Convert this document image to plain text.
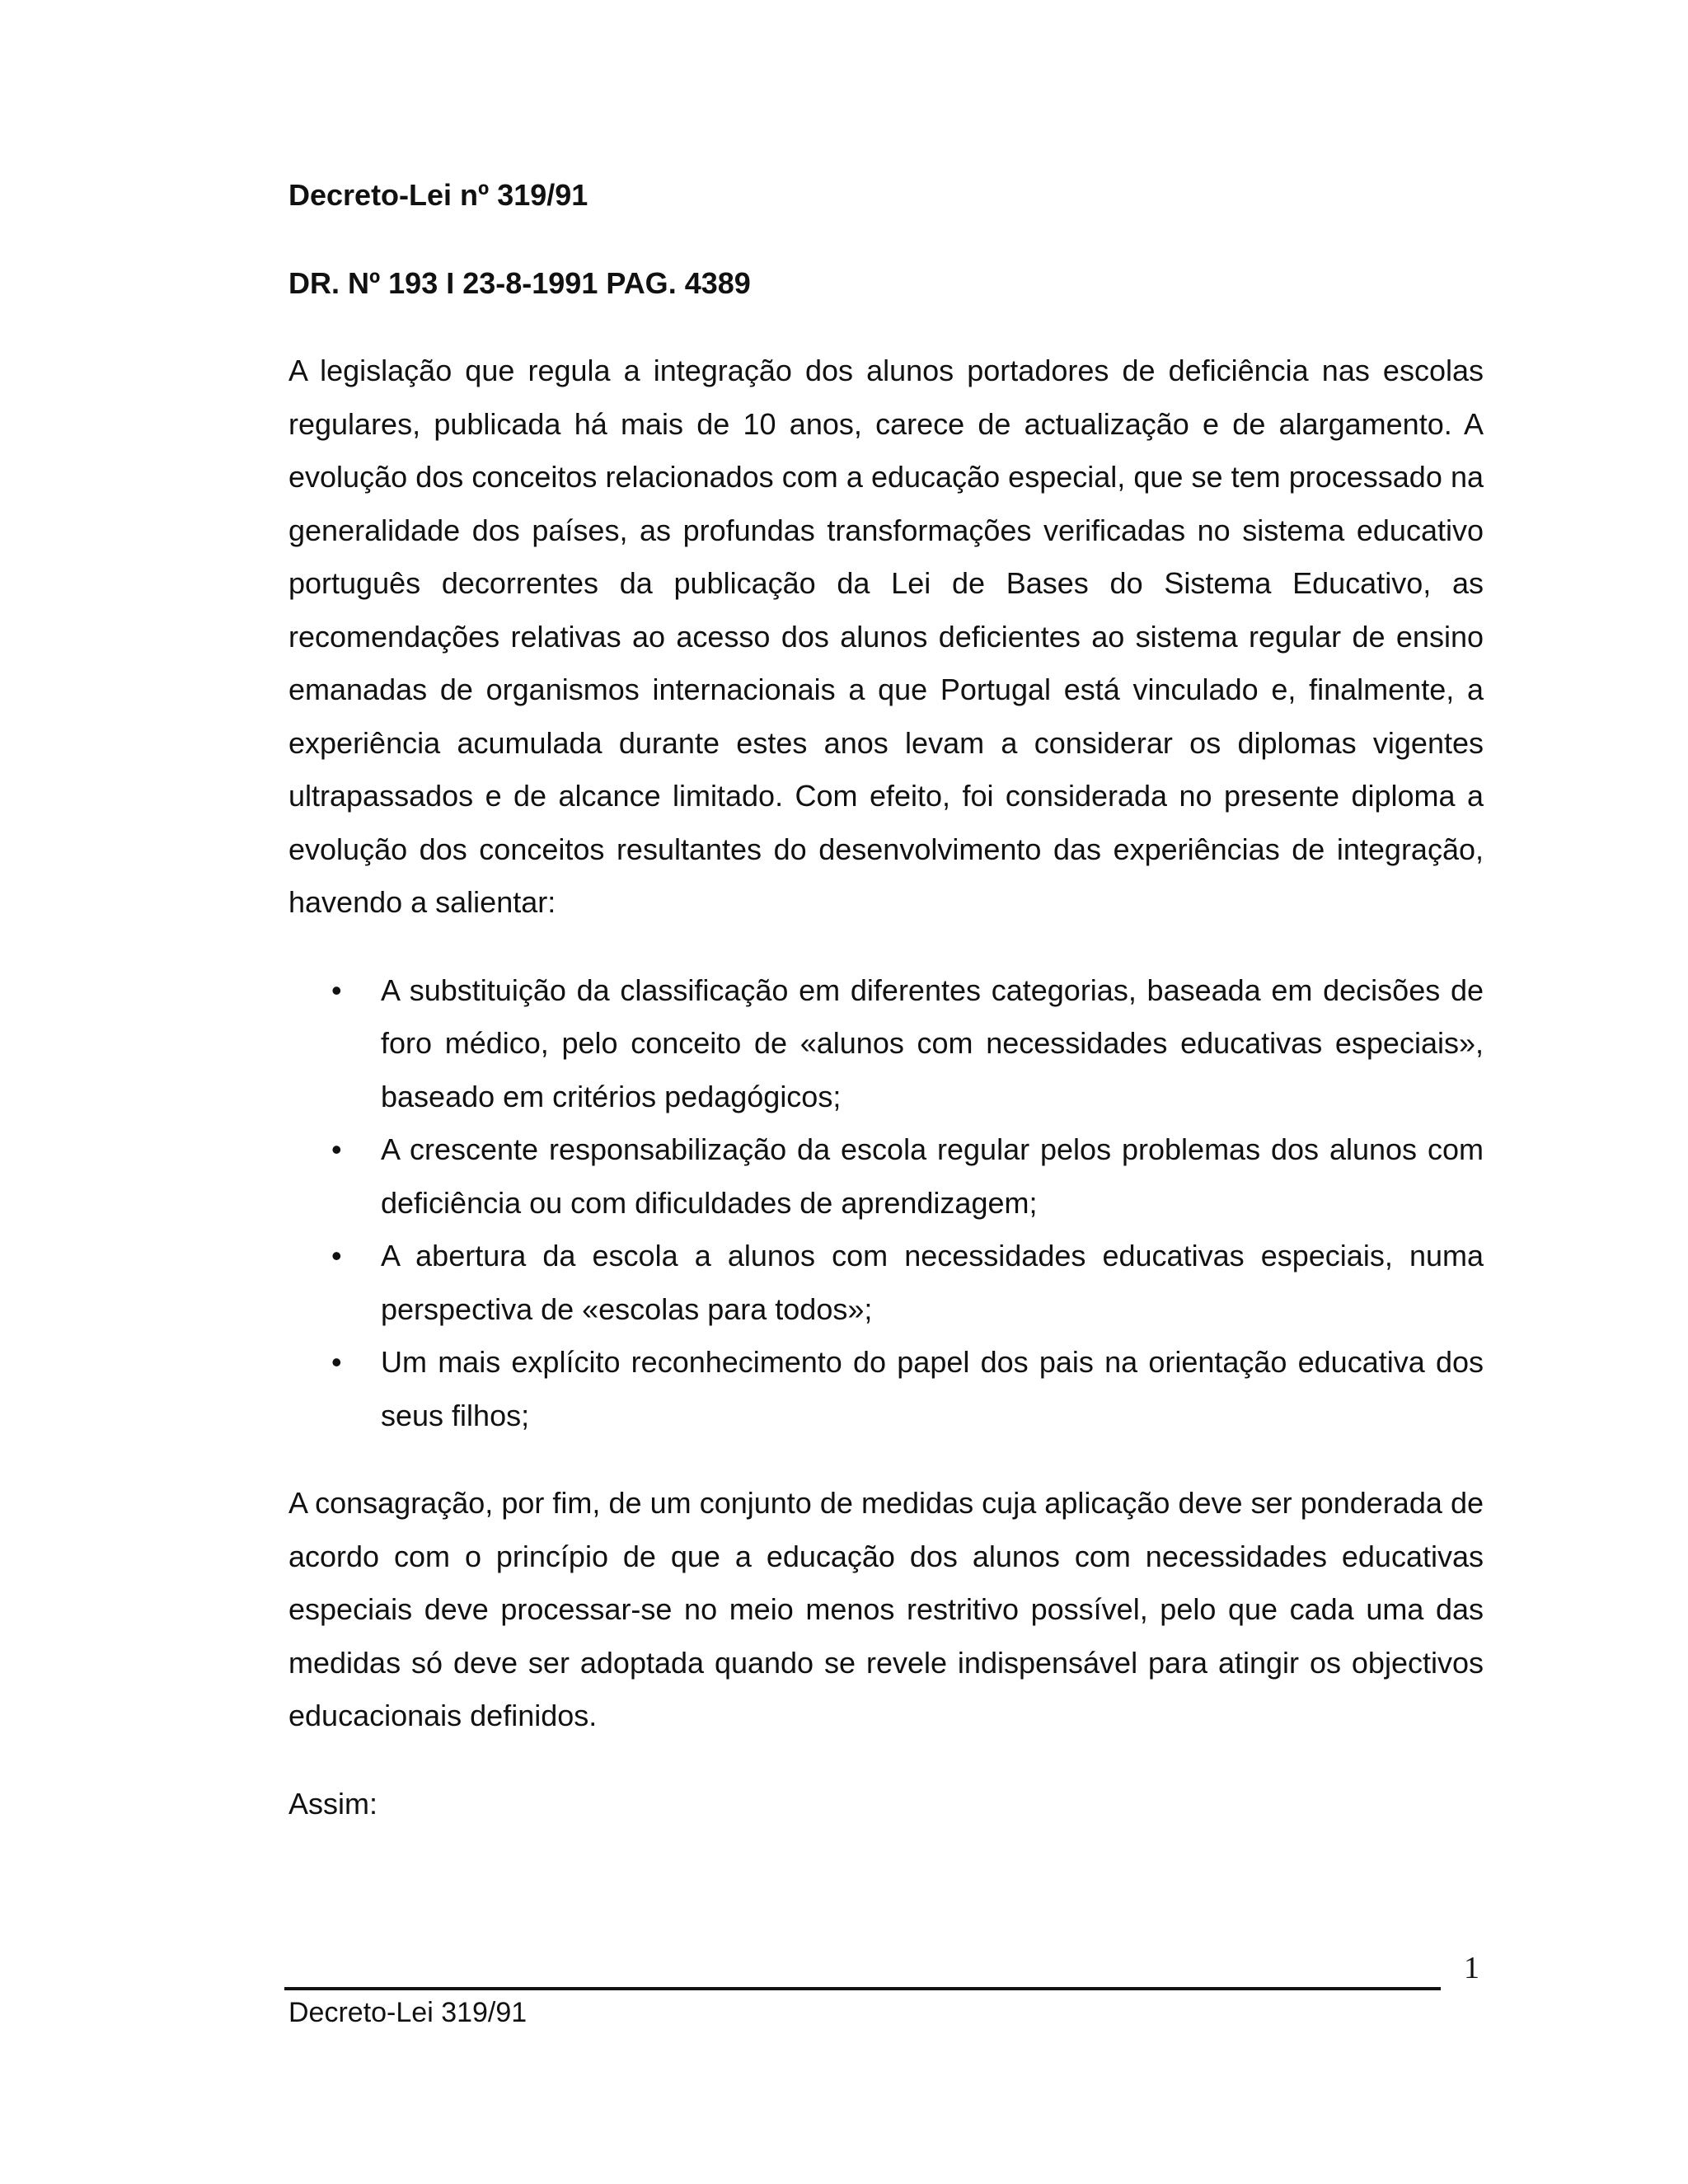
Decreto-Lei nº 319/91

DR. Nº 193 I 23-8-1991 PAG. 4389

A legislação que regula a integração dos alunos portadores de deficiência nas escolas regulares, publicada há mais de 10 anos, carece de actualização e de alargamento. A evolução dos conceitos relacionados com a educação especial, que se tem processado na generalidade dos países, as profundas transformações verificadas no sistema educativo português decorrentes da publicação da Lei de Bases do Sistema Educativo, as recomendações relativas ao acesso dos alunos deficientes ao sistema regular de ensino emanadas de organismos internacionais a que Portugal está vinculado e, finalmente, a experiência acumulada durante estes anos levam a considerar os diplomas vigentes ultrapassados e de alcance limitado. Com efeito, foi considerada no presente diploma a evolução dos conceitos resultantes do desenvolvimento das experiências de integração, havendo a salientar:

•	A substituição da classificação em diferentes categorias, baseada em decisões de foro médico, pelo conceito de «alunos com necessidades educativas especiais», baseado em critérios pedagógicos;
•	A crescente responsabilização da escola regular pelos problemas dos alunos com deficiência ou com dificuldades de aprendizagem;
•	A abertura da escola a alunos com necessidades educativas especiais, numa perspectiva de «escolas para todos»;
•	Um mais explícito reconhecimento do papel dos pais na orientação educativa dos seus filhos;

A consagração, por fim, de um conjunto de medidas cuja aplicação deve ser ponderada de acordo com o princípio de que a educação dos alunos com necessidades educativas especiais deve processar-se no meio menos restritivo possível, pelo que cada uma das medidas só deve ser adoptada quando se revele indispensável para atingir os objectivos educacionais definidos.

Assim:

1
Decreto-Lei 319/91
